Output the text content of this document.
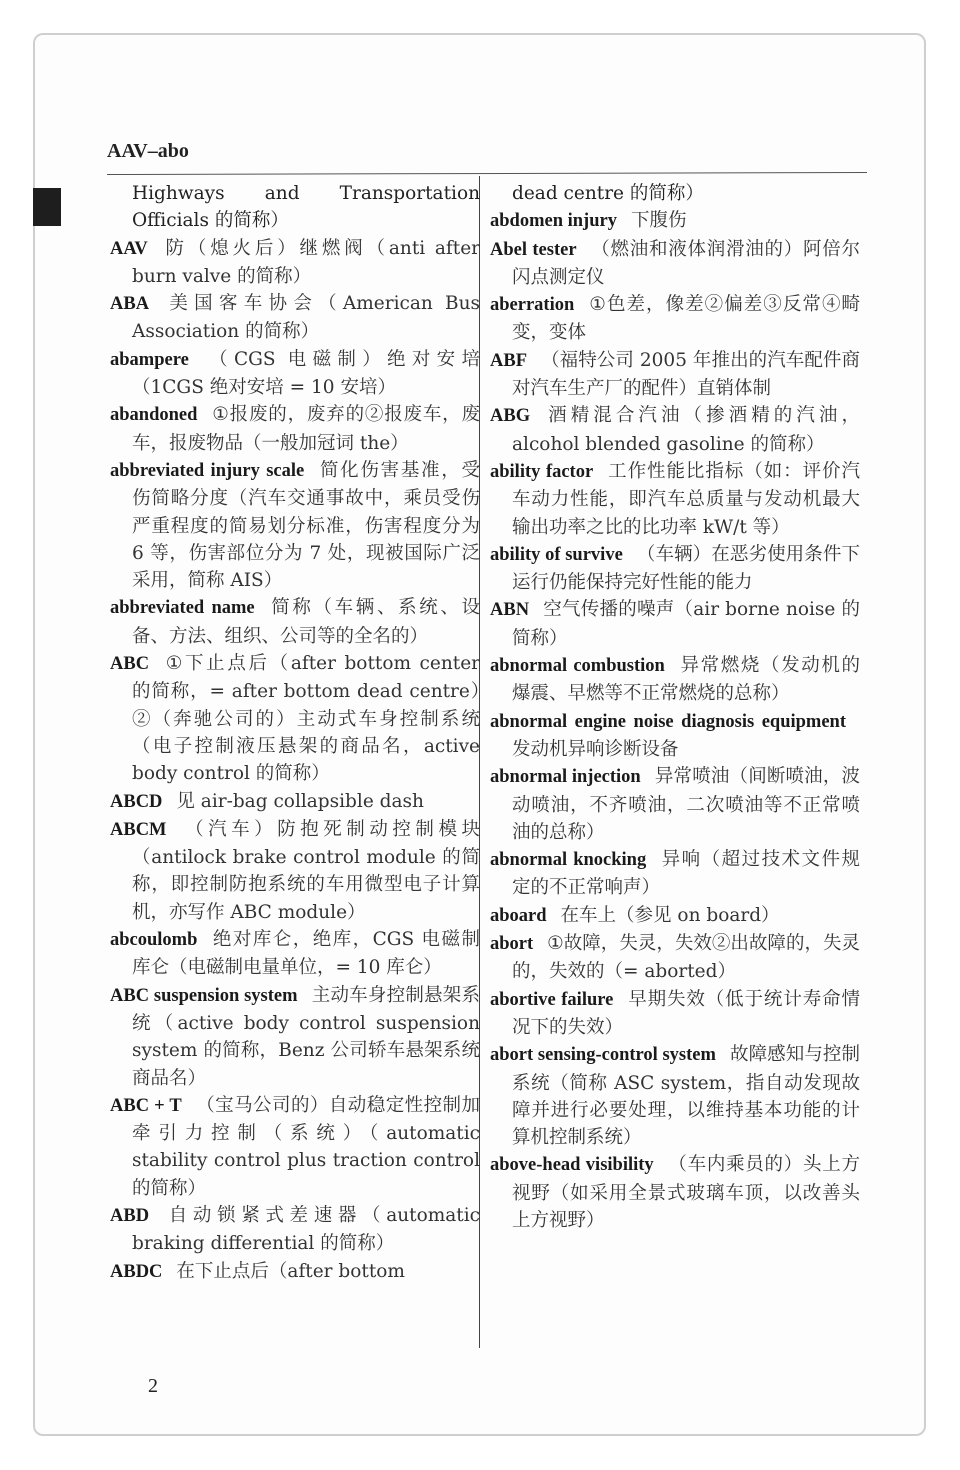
AAV–abo

Highways and Transportation Officials 的简称）

AAV 防（熄火后）继燃阀（anti after burn valve 的简称）

ABA 美国客车协会（American Bus Association 的简称）

abampere （CGS 电磁制）绝对安培（1CGS 绝对安培 = 10 安培）

abandoned ①报废的，废弃的②报废车，废车，报废物品（一般加冠词 the）

abbreviated injury scale 简化伤害基准，受伤简略分度（汽车交通事故中，乘员受伤严重程度的简易划分标准，伤害程度分为 6 等，伤害部位分为 7 处，现被国际广泛采用，简称 AIS）

abbreviated name 简称（车辆、系统、设备、方法、组织、公司等的全名的）

ABC ①下止点后（after bottom center 的简称，= after bottom dead centre）②（奔驰公司的）主动式车身控制系统（电子控制液压悬架的商品名，active body control 的简称）

ABCD 见 air-bag collapsible dash

ABCM （汽车）防抱死制动控制模块（antilock brake control module 的简称，即控制防抱系统的车用微型电子计算机，亦写作 ABC module）

abcoulomb 绝对库仑，绝库，CGS 电磁制库仑（电磁制电量单位，= 10 库仑）

ABC suspension system 主动车身控制悬架系统（active body control suspension system 的简称，Benz 公司轿车悬架系统商品名）

ABC + T （宝马公司的）自动稳定性控制加牵引力控制（系统）（automatic stability control plus traction control 的简称）

ABD 自动锁紧式差速器（automatic braking differential 的简称）

ABDC 在下止点后（after bottom

dead centre 的简称）

abdomen injury 下腹伤

Abel tester （燃油和液体润滑油的）阿倍尔闪点测定仪

aberration ①色差，像差②偏差③反常④畸变，变体

ABF （福特公司 2005 年推出的汽车配件商对汽车生产厂的配件）直销体制

ABG 酒精混合汽油（掺酒精的汽油，alcohol blended gasoline 的简称）

ability factor 工作性能比指标（如：评价汽车动力性能，即汽车总质量与发动机最大输出功率之比的比功率 kW/t 等）

ability of survive （车辆）在恶劣使用条件下运行仍能保持完好性能的能力

ABN 空气传播的噪声（air borne noise 的简称）

abnormal combustion 异常燃烧（发动机的爆震、早燃等不正常燃烧的总称）

abnormal engine noise diagnosis equipment发动机异响诊断设备

abnormal injection 异常喷油（间断喷油，波动喷油，不齐喷油，二次喷油等不正常喷油的总称）

abnormal knocking 异响（超过技术文件规定的不正常响声）

aboard 在车上（参见 on board）

abort ①故障，失灵，失效②出故障的，失灵的，失效的（= aborted）

abortive failure 早期失效（低于统计寿命情况下的失效）

abort sensing-control system 故障感知与控制系统（简称 ASC system，指自动发现故障并进行必要处理，以维持基本功能的计算机控制系统）

above-head visibility （车内乘员的）头上方视野（如采用全景式玻璃车顶，以改善头上方视野）

2
